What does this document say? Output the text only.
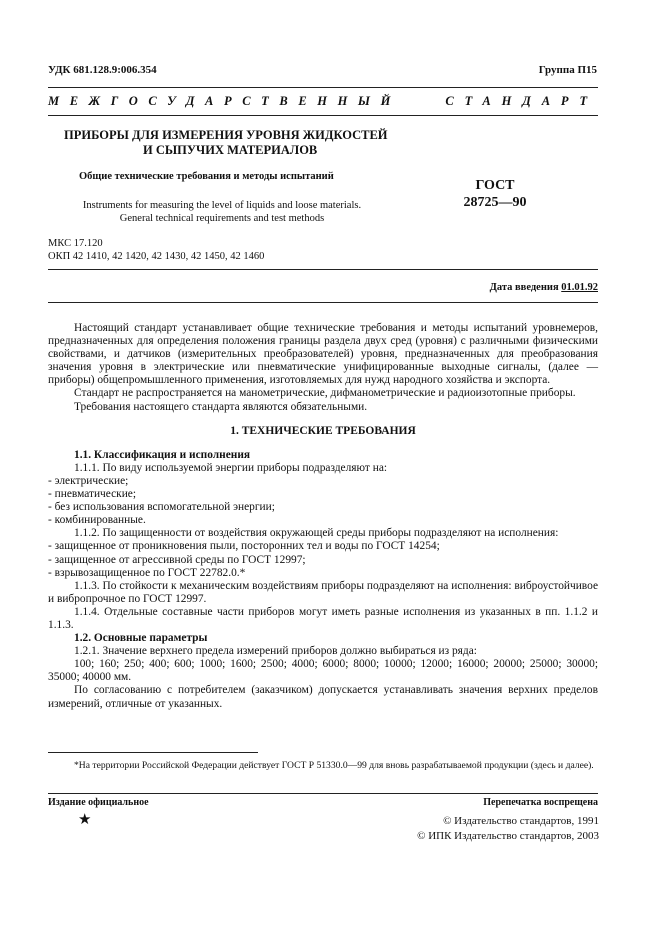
УДК 681.128.9:006.354	Группа П15
МЕЖГОСУДАРСТВЕННЫЙ	СТАНДАРТ
ПРИБОРЫ ДЛЯ ИЗМЕРЕНИЯ УРОВНЯ ЖИДКОСТЕЙ
И СЫПУЧИХ МАТЕРИАЛОВ
Общие технические требования и методы испытаний
Instruments for measuring the level of liquids and loose materials.
General technical requirements and test methods
ГОСТ
28725—90
МКС 17.120
ОКП 42 1410, 42 1420, 42 1430, 42 1450, 42 1460
Дата введения 01.01.92

Настоящий стандарт устанавливает общие технические требования и методы испытаний уровнемеров, предназначенных для определения положения границы раздела двух сред (уровня) с различными физическими свойствами, и датчиков (измерительных преобразователей) уровня, предназначенных для преобразования значения уровня в электрические или пневматические унифицированные выходные сигналы, (далее — приборы) общепромышленного применения, изготовляемых для нужд народного хозяйства и экспорта.

Стандарт не распространяется на манометрические, дифманометрические и радиоизотопные приборы.

Требования настоящего стандарта являются обязательными.

1. ТЕХНИЧЕСКИЕ ТРЕБОВАНИЯ

1.1. Классификация и исполнения

1.1.1. По виду используемой энергии приборы подразделяют на:

- электрические;

- пневматические;

- без использования вспомогательной энергии;

- комбинированные.

1.1.2. По защищенности от воздействия окружающей среды приборы подразделяют на исполнения:

- защищенное от проникновения пыли, посторонних тел и воды по ГОСТ 14254;

- защищенное от агрессивной среды по ГОСТ 12997;

- взрывозащищенное по ГОСТ 22782.0.*

1.1.3. По стойкости к механическим воздействиям приборы подразделяют на исполнения: виброустойчивое и вибропрочное по ГОСТ 12997.

1.1.4. Отдельные составные части приборов могут иметь разные исполнения из указанных в пп. 1.1.2 и 1.1.3.

1.2. Основные параметры

1.2.1. Значение верхнего предела измерений приборов должно выбираться из ряда:

100; 160; 250; 400; 600; 1000; 1600; 2500; 4000; 6000; 8000; 10000; 12000; 16000; 20000; 25000; 30000; 35000; 40000 мм.

По согласованию с потребителем (заказчиком) допускается устанавливать значения верхних пределов измерений, отличные от указанных.

*На территории Российской Федерации действует ГОСТ Р 51330.0—99 для вновь разрабатываемой продукции (здесь и далее).

Издание официальное	Перепечатка воспрещена
★	© Издательство стандартов, 1991
© ИПК Издательство стандартов, 2003
